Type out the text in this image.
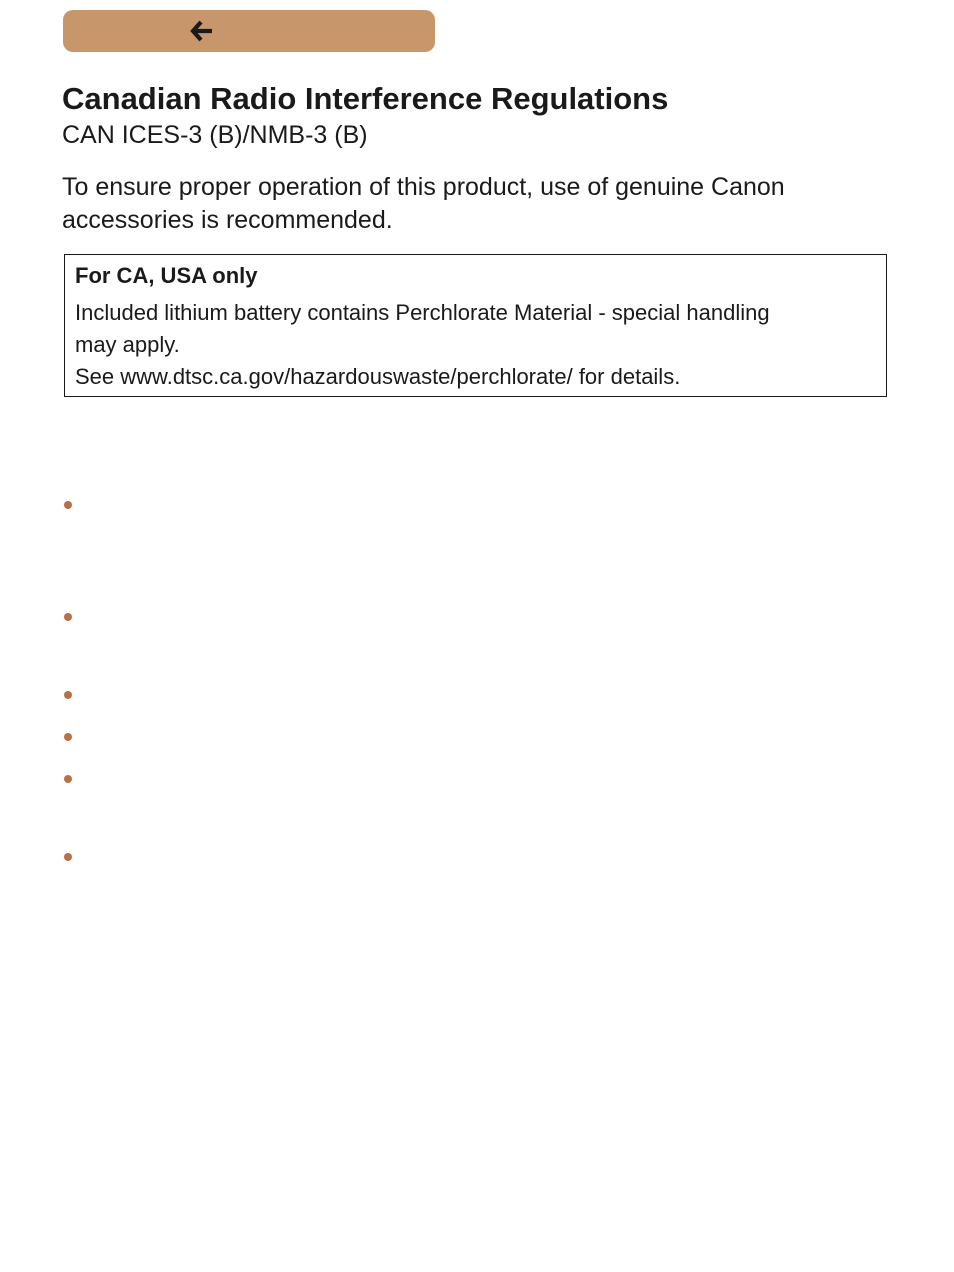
Canadian Radio Interference Regulations

CAN ICES-3 (B)/NMB-3 (B)

To ensure proper operation of this product, use of genuine Canon accessories is recommended.

For CA, USA only

Included lithium battery contains Perchlorate Material - special handling

may apply.

See www.dtsc.ca.gov/hazardouswaste/perchlorate/ for details.
